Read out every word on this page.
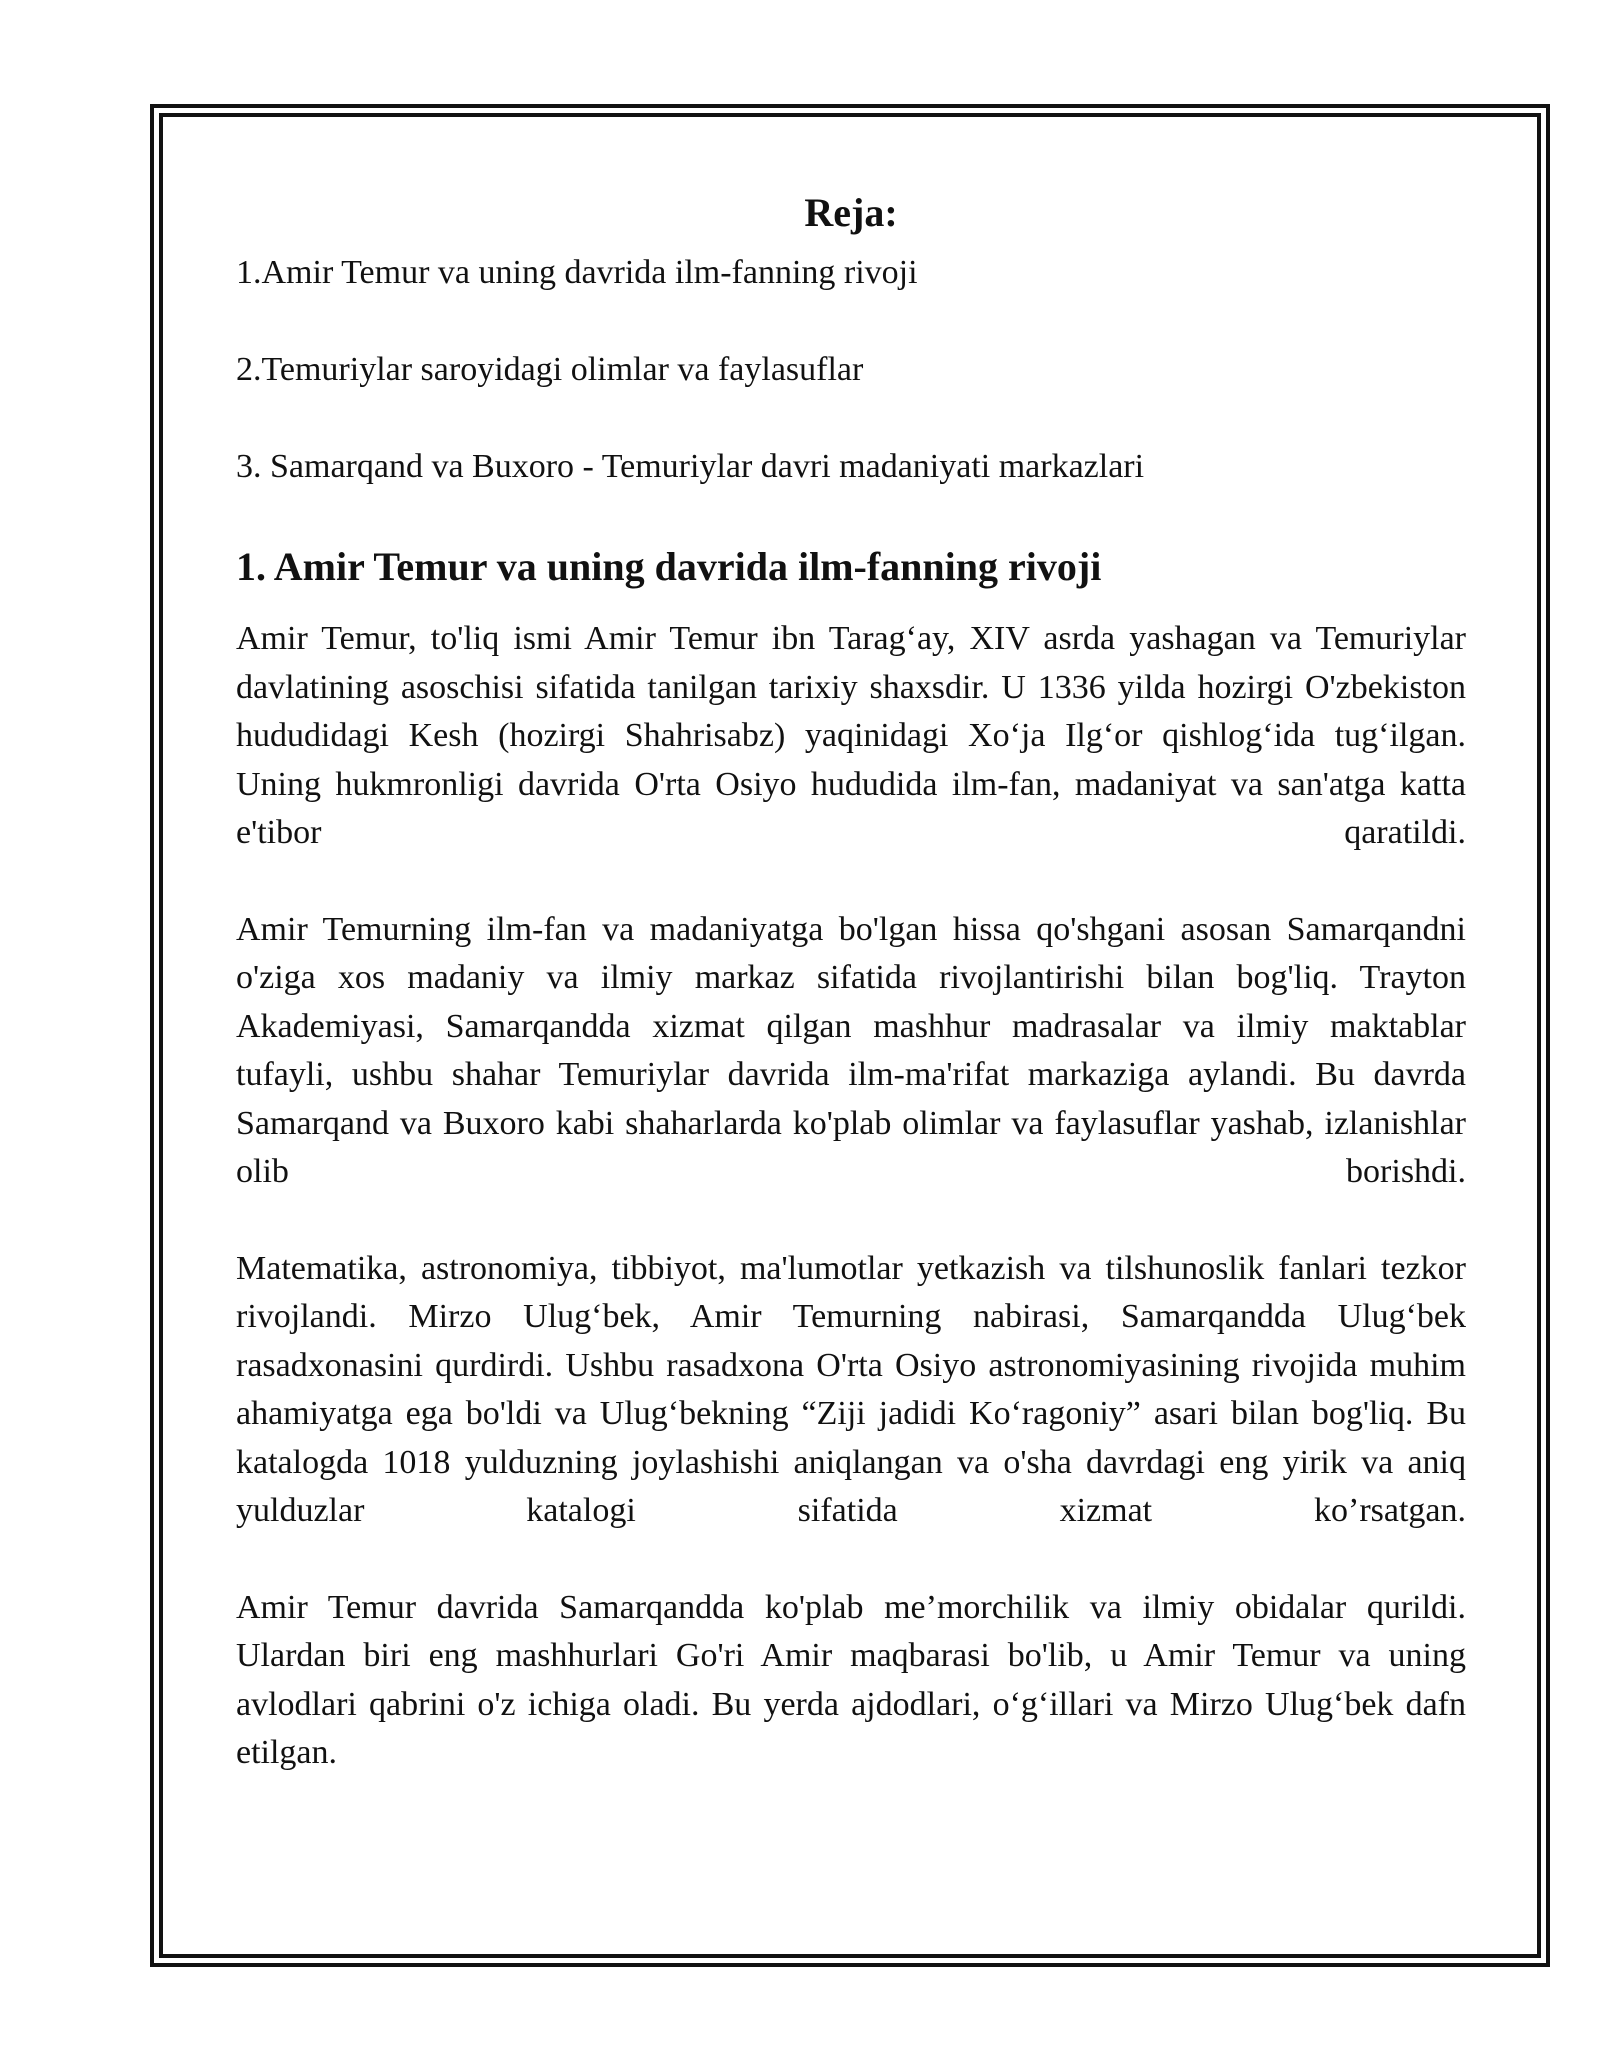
Reja:
1.Amir Temur va uning davrida ilm-fanning rivoji
2.Temuriylar saroyidagi olimlar va faylasuflar
3. Samarqand va Buxoro - Temuriylar davri madaniyati markazlari
1. Amir Temur va uning davrida ilm-fanning rivoji

Amir Temur, to'liq ismi Amir Temur ibn Tarag‘ay, XIV asrda yashagan va Temuriylar davlatining asoschisi sifatida tanilgan tarixiy shaxsdir. U 1336 yilda hozirgi O'zbekiston hududidagi Kesh (hozirgi Shahrisabz) yaqinidagi Xo‘ja Ilg‘or qishlog‘ida tug‘ilgan. Uning hukmronligi davrida O'rta Osiyo hududida ilm-fan, madaniyat va san'atga katta e'tibor qaratildi.

Amir Temurning ilm-fan va madaniyatga bo'lgan hissa qo'shgani asosan Samarqandni o'ziga xos madaniy va ilmiy markaz sifatida rivojlantirishi bilan bog'liq. Trayton Akademiyasi, Samarqandda xizmat qilgan mashhur madrasalar va ilmiy maktablar tufayli, ushbu shahar Temuriylar davrida ilm-ma'rifat markaziga aylandi. Bu davrda Samarqand va Buxoro kabi shaharlarda ko'plab olimlar va faylasuflar yashab, izlanishlar olib borishdi.

Matematika, astronomiya, tibbiyot, ma'lumotlar yetkazish va tilshunoslik fanlari tezkor rivojlandi. Mirzo Ulug‘bek, Amir Temurning nabirasi, Samarqandda Ulug‘bek rasadxonasini qurdirdi. Ushbu rasadxona O'rta Osiyo astronomiyasining rivojida muhim ahamiyatga ega bo'ldi va Ulug‘bekning “Ziji jadidi Ko‘ragoniy” asari bilan bog'liq. Bu katalogda 1018 yulduzning joylashishi aniqlangan va o'sha davrdagi eng yirik va aniq yulduzlar katalogi sifatida xizmat ko’rsatgan.

Amir Temur davrida Samarqandda ko'plab me’morchilik va ilmiy obidalar qurildi. Ulardan biri eng mashhurlari Go'ri Amir maqbarasi bo'lib, u Amir Temur va uning avlodlari qabrini o'z ichiga oladi. Bu yerda ajdodlari, o‘g‘illari va Mirzo Ulug‘bek dafn etilgan.
